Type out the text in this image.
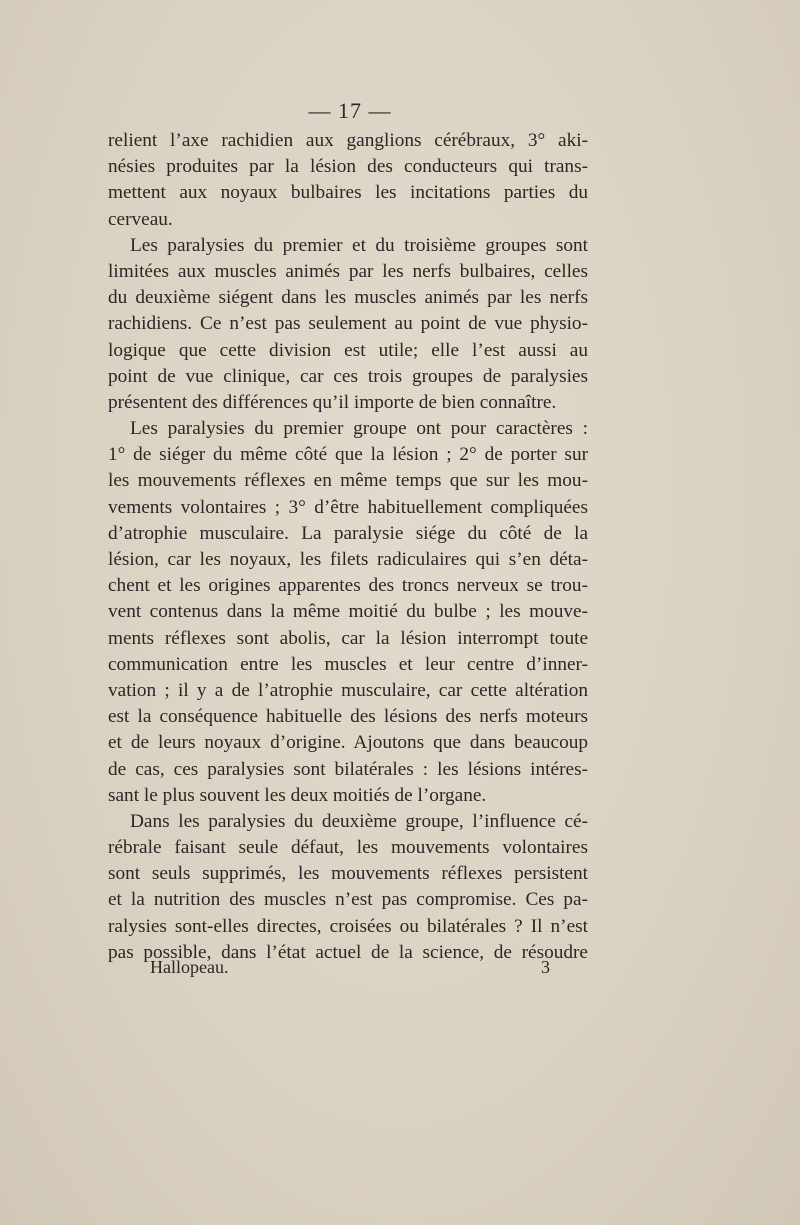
— 17 —
relient l’axe rachidien aux ganglions cérébraux, 3° aki-
nésies produites par la lésion des conducteurs qui trans-
mettent aux noyaux bulbaires les incitations parties du
cerveau.
Les paralysies du premier et du troisième groupes sont
limitées aux muscles animés par les nerfs bulbaires, celles
du deuxième siégent dans les muscles animés par les nerfs
rachidiens. Ce n’est pas seulement au point de vue physio-
logique que cette division est utile; elle l’est aussi au
point de vue clinique, car ces trois groupes de paralysies
présentent des différences qu’il importe de bien connaître.
Les paralysies du premier groupe ont pour caractères :
1° de siéger du même côté que la lésion ; 2° de porter sur
les mouvements réflexes en même temps que sur les mou-
vements volontaires ; 3° d’être habituellement compliquées
d’atrophie musculaire. La paralysie siége du côté de la
lésion, car les noyaux, les filets radiculaires qui s’en déta-
chent et les origines apparentes des troncs nerveux se trou-
vent contenus dans la même moitié du bulbe ; les mouve-
ments réflexes sont abolis, car la lésion interrompt toute
communication entre les muscles et leur centre d’inner-
vation ; il y a de l’atrophie musculaire, car cette altération
est la conséquence habituelle des lésions des nerfs moteurs
et de leurs noyaux d’origine. Ajoutons que dans beaucoup
de cas, ces paralysies sont bilatérales : les lésions intéres-
sant le plus souvent les deux moitiés de l’organe.
Dans les paralysies du deuxième groupe, l’influence cé-
rébrale faisant seule défaut, les mouvements volontaires
sont seuls supprimés, les mouvements réflexes persistent
et la nutrition des muscles n’est pas compromise. Ces pa-
ralysies sont-elles directes, croisées ou bilatérales ? Il n’est
pas possible, dans l’état actuel de la science, de résoudre
Hallopeau.	3
